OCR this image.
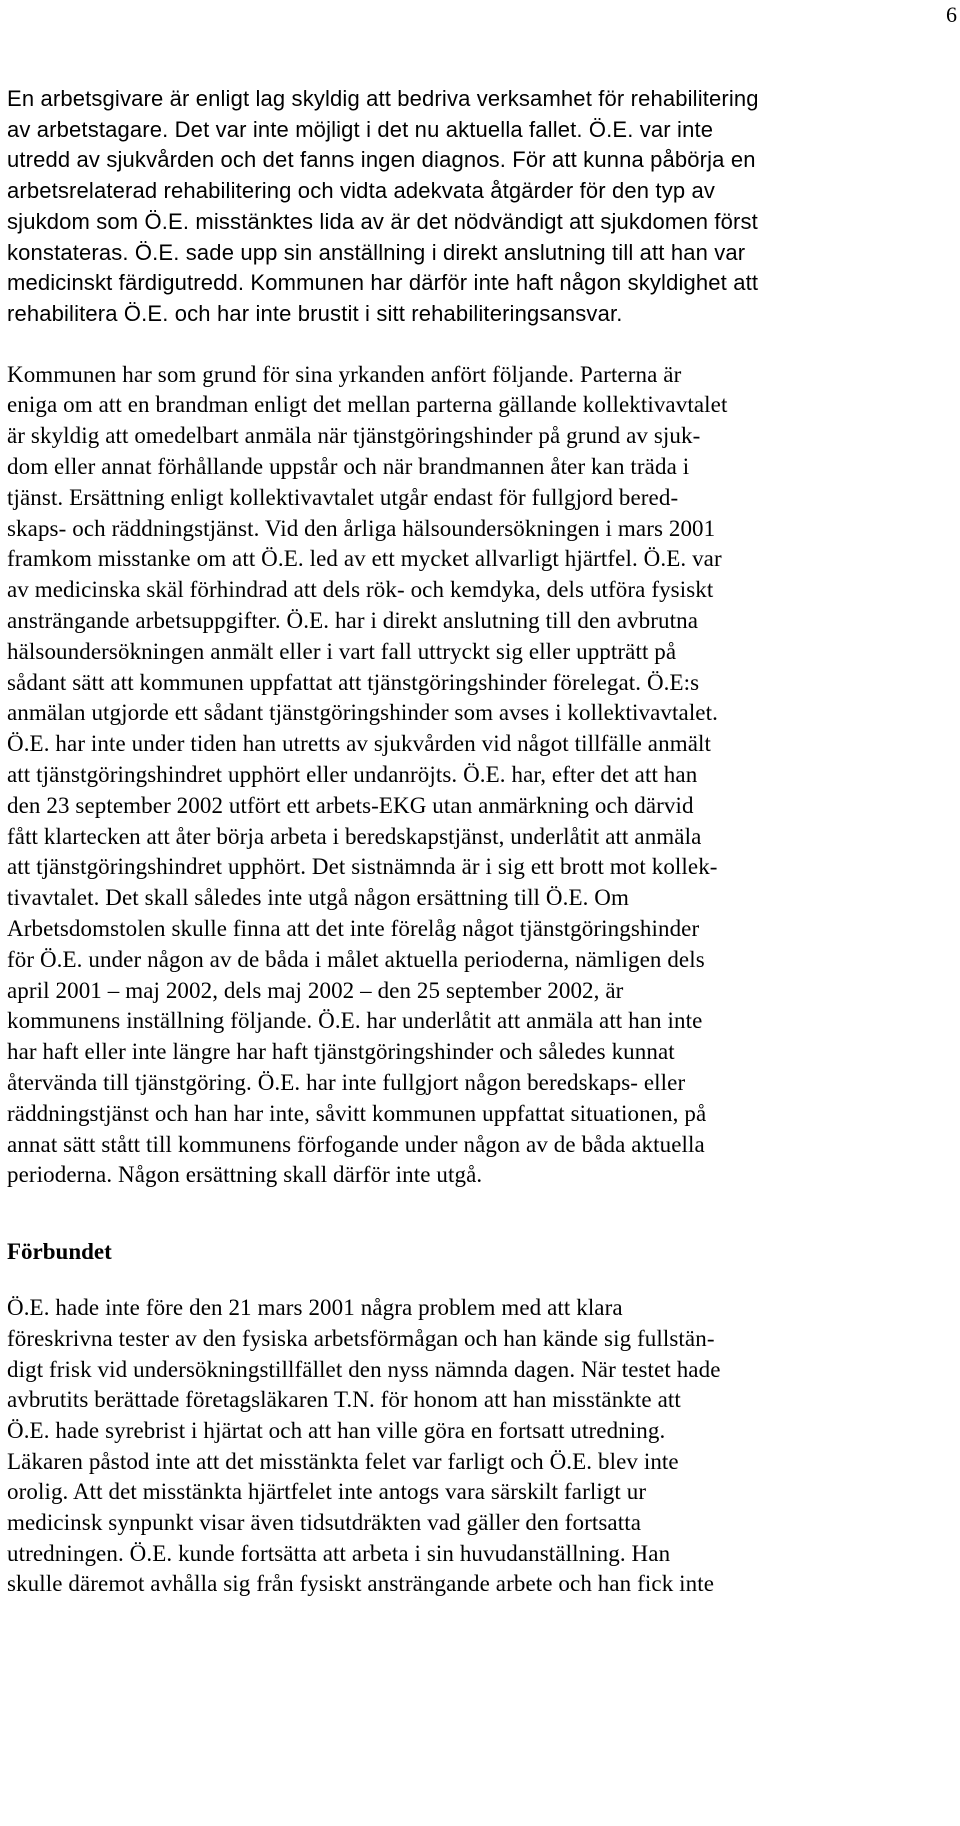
6

En arbetsgivare är enligt lag skyldig att bedriva verksamhet för rehabilitering
av arbetstagare. Det var inte möjligt i det nu aktuella fallet. Ö.E. var inte
utredd av sjukvården och det fanns ingen diagnos. För att kunna påbörja en
arbetsrelaterad rehabilitering och vidta adekvata åtgärder för den typ av
sjukdom som Ö.E. misstänktes lida av är det nödvändigt att sjukdomen först
konstateras. Ö.E. sade upp sin anställning i direkt anslutning till att han var
medicinskt färdigutredd. Kommunen har därför inte haft någon skyldighet att
rehabilitera Ö.E. och har inte brustit i sitt rehabiliteringsansvar.

Kommunen har som grund för sina yrkanden anfört följande. Parterna är
eniga om att en brandman enligt det mellan parterna gällande kollektivavtalet
är skyldig att omedelbart anmäla när tjänstgöringshinder på grund av sjuk-
dom eller annat förhållande uppstår och när brandmannen åter kan träda i
tjänst. Ersättning enligt kollektivavtalet utgår endast för fullgjord bered-
skaps- och räddningstjänst. Vid den årliga hälsoundersökningen i mars 2001
framkom misstanke om att Ö.E. led av ett mycket allvarligt hjärtfel. Ö.E. var
av medicinska skäl förhindrad att dels rök- och kemdyka, dels utföra fysiskt
ansträngande arbetsuppgifter. Ö.E. har i direkt anslutning till den avbrutna
hälsoundersökningen anmält eller i vart fall uttryckt sig eller uppträtt på
sådant sätt att kommunen uppfattat att tjänstgöringshinder förelegat. Ö.E:s
anmälan utgjorde ett sådant tjänstgöringshinder som avses i kollektivavtalet.
Ö.E. har inte under tiden han utretts av sjukvården vid något tillfälle anmält
att tjänstgöringshindret upphört eller undanröjts. Ö.E. har, efter det att han
den 23 september 2002 utfört ett arbets-EKG utan anmärkning och därvid
fått klartecken att åter börja arbeta i beredskapstjänst, underlåtit att anmäla
att tjänstgöringshindret upphört. Det sistnämnda är i sig ett brott mot kollek-
tivavtalet. Det skall således inte utgå någon ersättning till Ö.E. Om
Arbetsdomstolen skulle finna att det inte förelåg något tjänstgöringshinder
för Ö.E. under någon av de båda i målet aktuella perioderna, nämligen dels
april 2001 – maj 2002, dels maj 2002 – den 25 september 2002, är
kommunens inställning följande. Ö.E. har underlåtit att anmäla att han inte
har haft eller inte längre har haft tjänstgöringshinder och således kunnat
återvända till tjänstgöring. Ö.E. har inte fullgjort någon beredskaps- eller
räddningstjänst och han har inte, såvitt kommunen uppfattat situationen, på
annat sätt stått till kommunens förfogande under någon av de båda aktuella
perioderna. Någon ersättning skall därför inte utgå.

Förbundet

Ö.E. hade inte före den 21 mars 2001 några problem med att klara
föreskrivna tester av den fysiska arbetsförmågan och han kände sig fullstän-
digt frisk vid undersökningstillfället den nyss nämnda dagen. När testet hade
avbrutits berättade företagsläkaren T.N. för honom att han misstänkte att
Ö.E. hade syrebrist i hjärtat och att han ville göra en fortsatt utredning.
Läkaren påstod inte att det misstänkta felet var farligt och Ö.E. blev inte
orolig. Att det misstänkta hjärtfelet inte antogs vara särskilt farligt ur
medicinsk synpunkt visar även tidsutdräkten vad gäller den fortsatta
utredningen. Ö.E. kunde fortsätta att arbeta i sin huvudanställning. Han
skulle däremot avhålla sig från fysiskt ansträngande arbete och han fick inte
